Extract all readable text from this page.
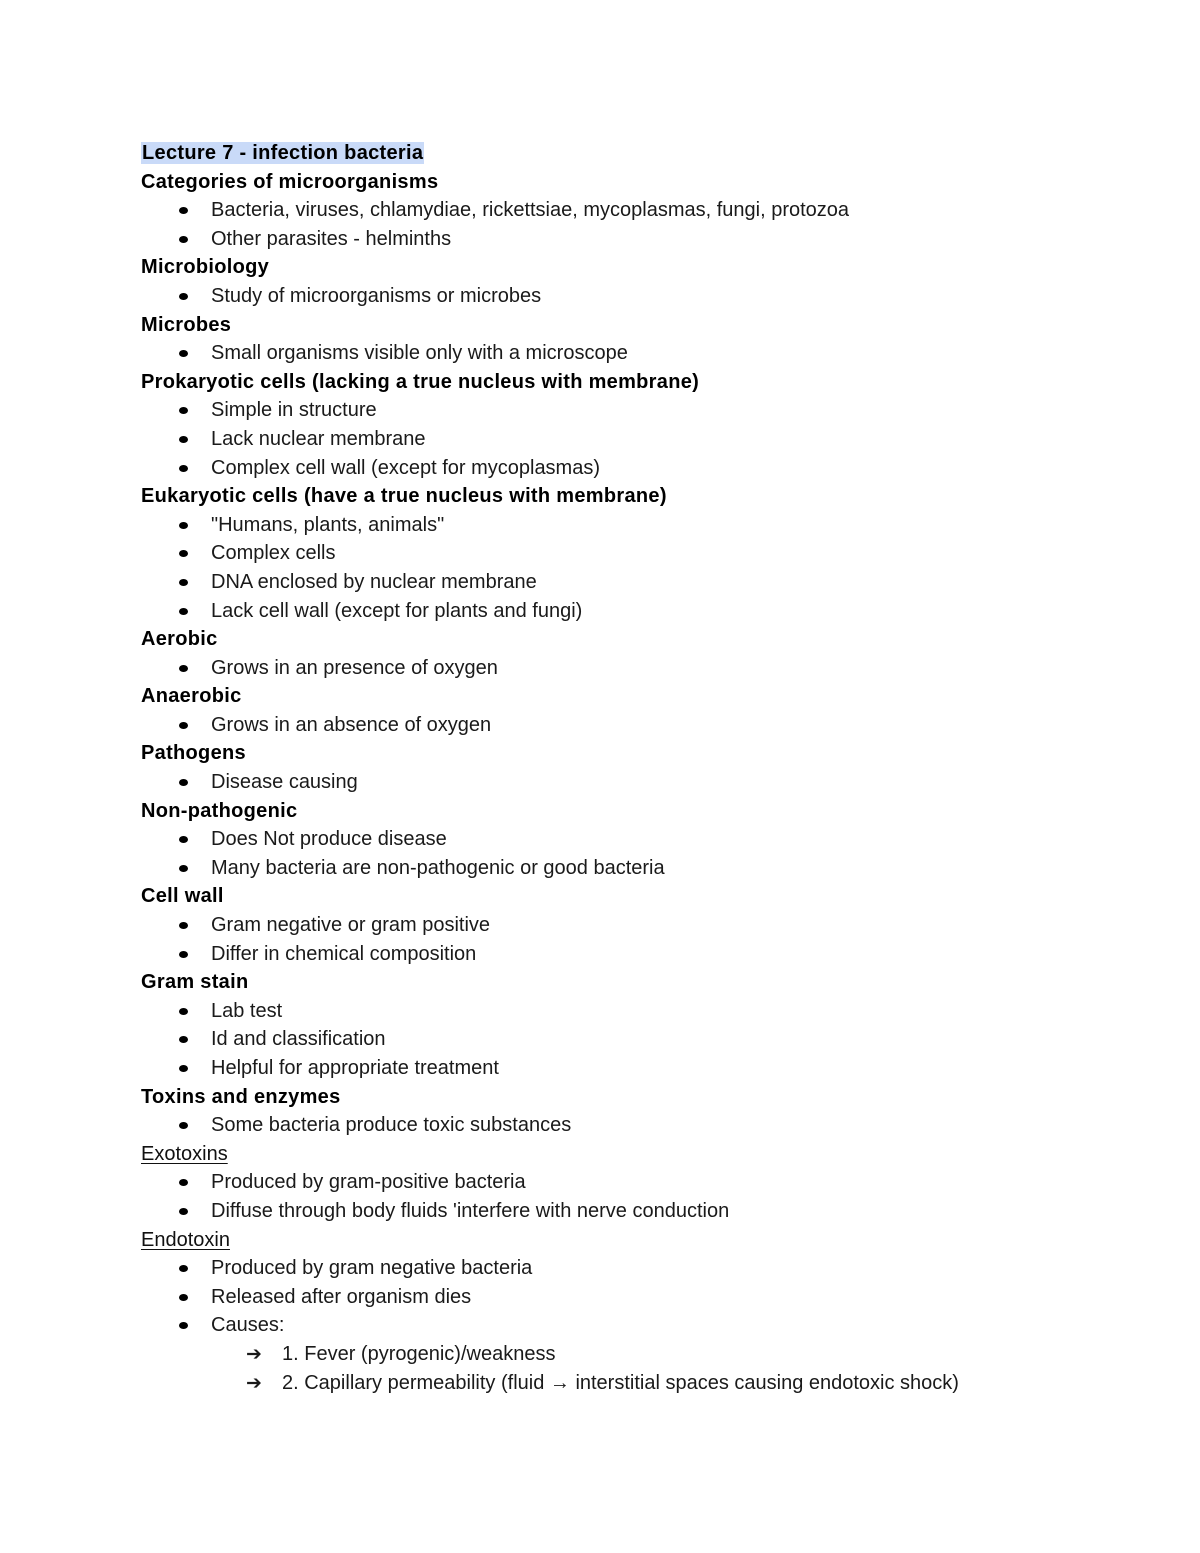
Lecture 7 - infection bacteria
Categories of microorganisms
Bacteria, viruses, chlamydiae, rickettsiae, mycoplasmas, fungi, protozoa
Other parasites - helminths
Microbiology
Study of microorganisms or microbes
Microbes
Small organisms visible only with a microscope
Prokaryotic cells (lacking a true nucleus with membrane)
Simple in structure
Lack nuclear membrane
Complex cell wall (except for mycoplasmas)
Eukaryotic cells (have a true nucleus with membrane)
"Humans, plants, animals"
Complex cells
DNA enclosed by nuclear membrane
Lack cell wall (except for plants and fungi)
Aerobic
Grows in an presence of oxygen
Anaerobic
Grows in an absence of oxygen
Pathogens
Disease causing
Non-pathogenic
Does Not produce disease
Many bacteria are non-pathogenic or good bacteria
Cell wall
Gram negative or gram positive
Differ in chemical composition
Gram stain
Lab test
Id and classification
Helpful for appropriate treatment
Toxins and enzymes
Some bacteria produce toxic substances
Exotoxins
Produced by gram-positive bacteria
Diffuse through body fluids 'interfere with nerve conduction
Endotoxin
Produced by gram negative bacteria
Released after organism dies
Causes:
➔ 1. Fever (pyrogenic)/weakness
➔ 2. Capillary permeability (fluid → interstitial spaces causing endotoxic shock)
